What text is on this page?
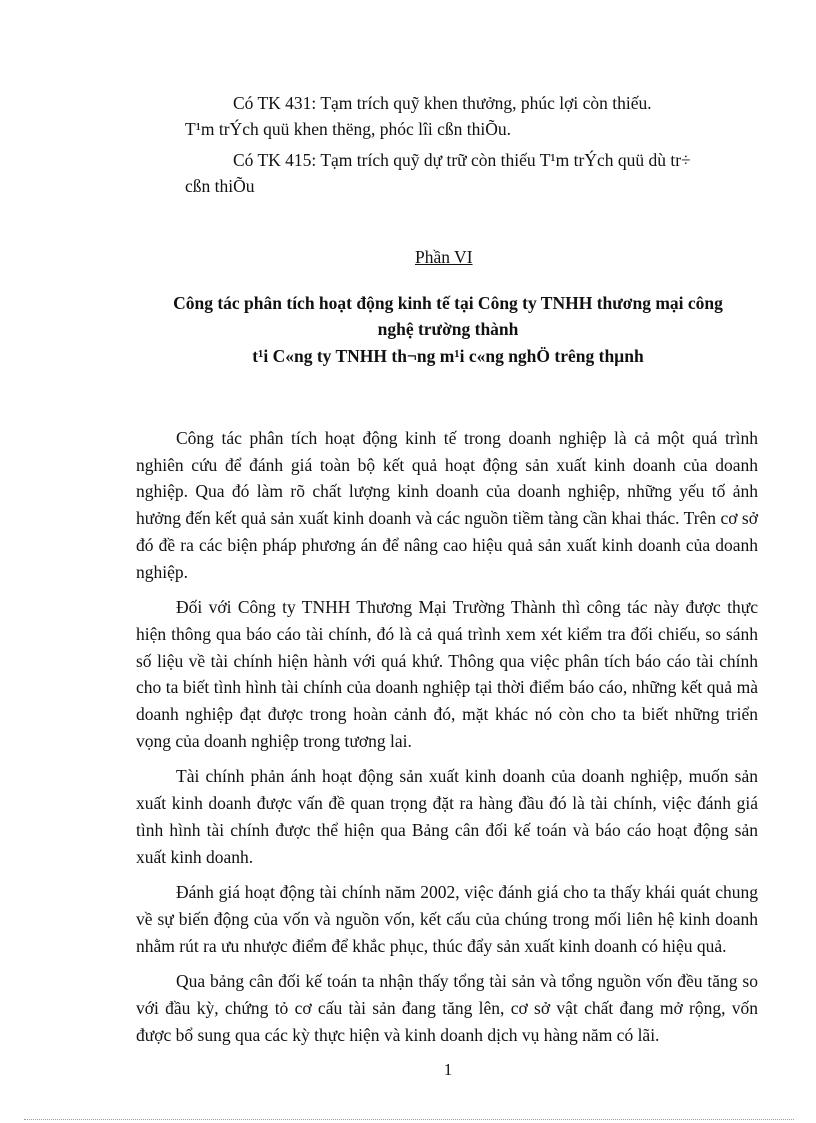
Có TK 431: Tạm trích quỹ khen thưởng, phúc lợi còn thiếu.
T¹m trÝch quü khen thëng, phóc lîi cßn thiÕu.
Có TK 415: Tạm trích quỹ dự trữ còn thiếu T¹m trÝch quü dù tr÷
cßn thiÕu
Phần VI
Công tác phân tích hoạt động kinh tế tại Công ty TNHH thương mại công
nghệ trường thành
t¹i C«ng ty TNHH th¬ng m¹i c«ng nghÖ trêng thµnh

Công tác phân tích hoạt động kinh tế trong doanh nghiệp là cả một quá trình nghiên cứu để đánh giá toàn bộ kết quả hoạt động sản xuất kinh doanh của doanh nghiệp. Qua đó làm rõ chất lượng kinh doanh của doanh nghiệp, những yếu tố ảnh hưởng đến kết quả sản xuất kinh doanh và các nguồn tiềm tàng cần khai thác. Trên cơ sở đó đề ra các biện pháp phương án để nâng cao hiệu quả sản xuất kinh doanh của doanh nghiệp.

Đối với Công ty TNHH Thương Mại Trường Thành thì công tác này được thực hiện thông qua báo cáo tài chính, đó là cả quá trình xem xét kiểm tra đối chiếu, so sánh số liệu về tài chính hiện hành với quá khứ. Thông qua việc phân tích báo cáo tài chính cho ta biết tình hình tài chính của doanh nghiệp tại thời điểm báo cáo, những kết quả mà doanh nghiệp đạt được trong hoàn cảnh đó, mặt khác nó còn cho ta biết những triển vọng của doanh nghiệp trong tương lai.

Tài chính phản ánh hoạt động sản xuất kinh doanh của doanh nghiệp, muốn sản xuất kinh doanh được vấn đề quan trọng đặt ra hàng đầu đó là tài chính, việc đánh giá tình hình tài chính được thể hiện qua Bảng cân đối kế toán và báo cáo hoạt động sản xuất kinh doanh.

Đánh giá hoạt động tài chính năm 2002, việc đánh giá cho ta thấy khái quát chung về sự biến động của vốn và nguồn vốn, kết cấu của chúng trong mối liên hệ kinh doanh nhằm rút ra ưu nhược điểm để khắc phục, thúc đẩy sản xuất kinh doanh có hiệu quả.

Qua bảng cân đối kế toán ta nhận thấy tổng tài sản và tổng nguồn vốn đều tăng so với đầu kỳ, chứng tỏ cơ cấu tài sản đang tăng lên, cơ sở vật chất đang mở rộng, vốn được bổ sung qua các kỳ thực hiện và kinh doanh dịch vụ hàng năm có lãi.

1
